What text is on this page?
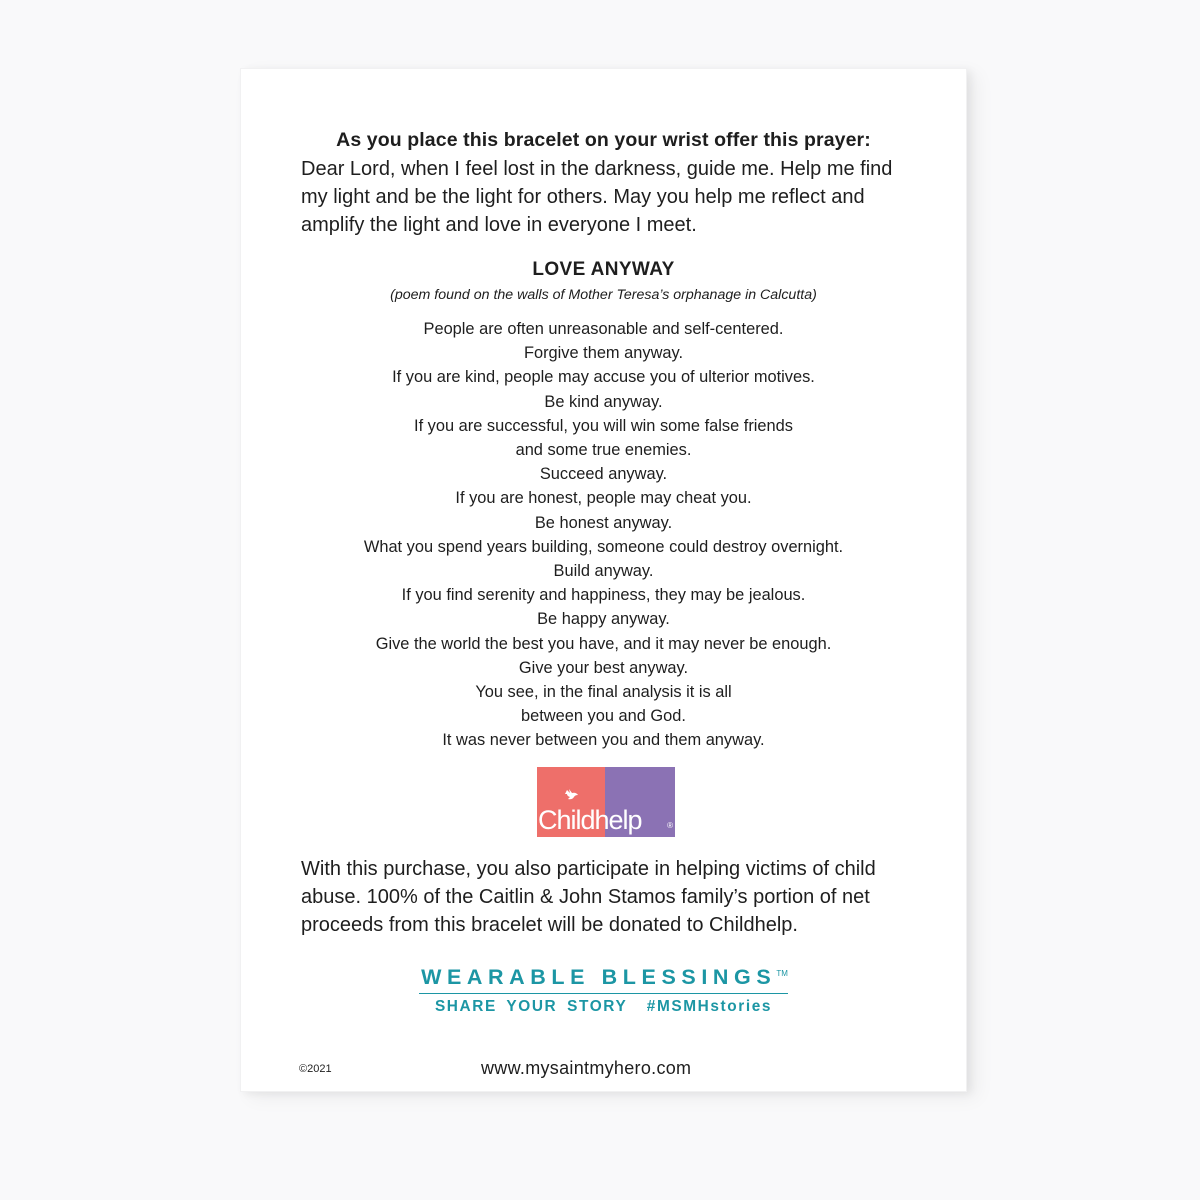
As you place this bracelet on your wrist offer this prayer:
Dear Lord, when I feel lost in the darkness, guide me. Help me find
my light and be the light for others. May you help me reflect and
amplify the light and love in everyone I meet.
LOVE ANYWAY
(poem found on the walls of Mother Teresa’s orphanage in Calcutta)
People are often unreasonable and self-centered.
Forgive them anyway.
If you are kind, people may accuse you of ulterior motives.
Be kind anyway.
If you are successful, you will win some false friends
and some true enemies.
Succeed anyway.
If you are honest, people may cheat you.
Be honest anyway.
What you spend years building, someone could destroy overnight.
Build anyway.
If you find serenity and happiness, they may be jealous.
Be happy anyway.
Give the world the best you have, and it may never be enough.
Give your best anyway.
You see, in the final analysis it is all
between you and God.
It was never between you and them anyway.
Childhelp	®
With this purchase, you also participate in helping victims of child
abuse. 100% of the Caitlin & John Stamos family’s portion of net
proceeds from this bracelet will be donated to Childhelp.
WEARABLE BLESSINGS™
SHARE YOUR STORY  #MSMHstories
©2021	www.mysaintmyhero.com
